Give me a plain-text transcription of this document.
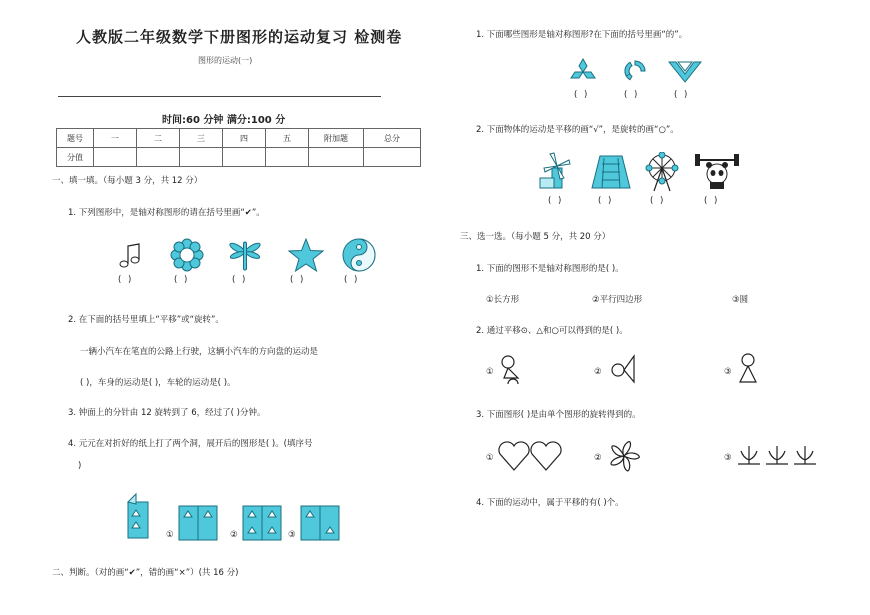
人教版二年级数学下册图形的运动复习 检测卷
图形的运动(一)
时间:60 分钟 满分:100 分
题号	一	二	三	四	五	附加题	总分
分值							
一、填一填。（每小题 3 分，共 12 分）
1. 下列图形中，是轴对称图形的请在括号里画“✔”。
( )	( )	( )	( )	( )
2. 在下面的括号里填上“平移”或“旋转”。
一辆小汽车在笔直的公路上行驶，这辆小汽车的方向盘的运动是
( )，车身的运动是( )，车轮的运动是( )。
3. 钟面上的分针由 12 旋转到了 6，经过了( )分钟。
4. 元元在对折好的纸上打了两个洞，展开后的图形是( )。(填序号
)
①	②	③
二、判断。（对的画“✔”，错的画“×”）(共 16 分)
1. 下面哪些图形是轴对称图形?在下面的括号里画“的”。
( )	( )	( )
2. 下面物体的运动是平移的画“√”，是旋转的画“○”。
( )	( )	( )	( )
三、选一选。（每小题 5 分，共 20 分）
1. 下面的图形不是轴对称图形的是( )。
①长方形	②平行四边形	③圆
2. 通过平移⊙、△和○可以得到的是( )。
①	②	③
3. 下面图形( )是由单个图形的旋转得到的。
①	②	③
4. 下面的运动中，属于平移的有( )个。
